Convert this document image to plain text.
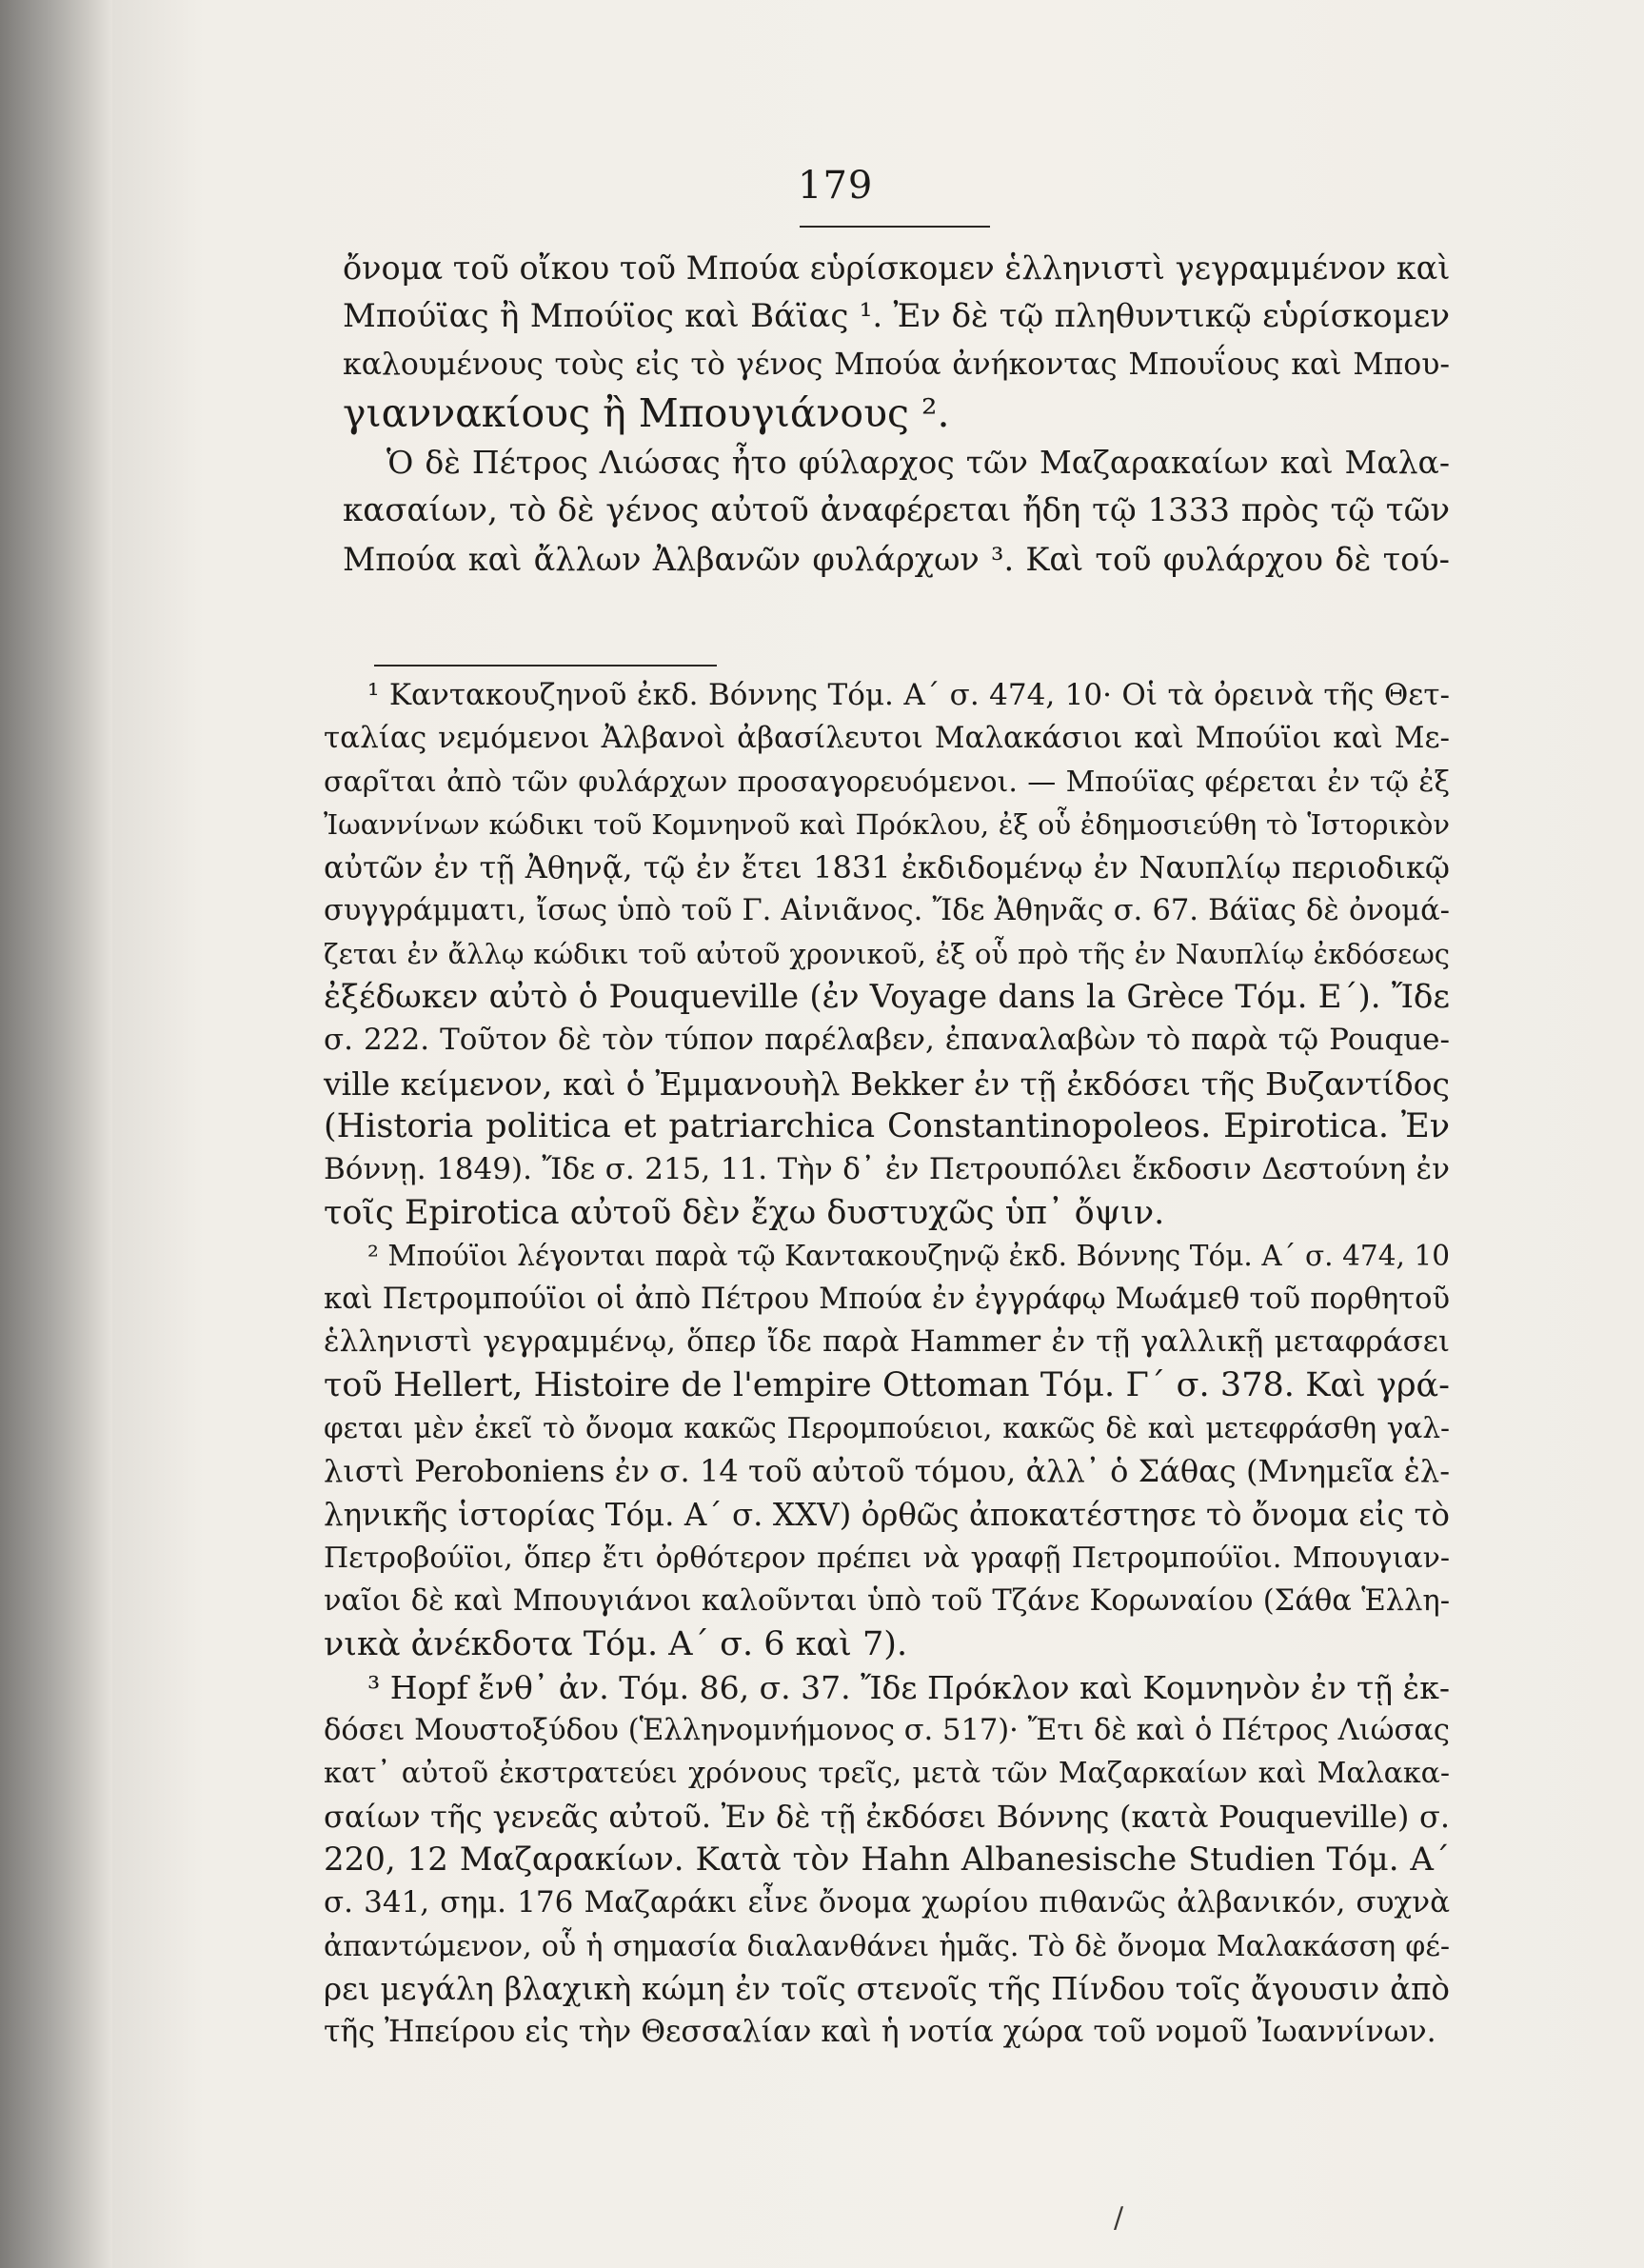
179
ὄνομα τοῦ οἴκου τοῦ Μπούα εὑρίσκομεν ἑλληνιστὶ γεγραμμένον καὶ
Μπούϊας ἢ Μπούϊος καὶ Βάϊας ¹. Ἐν δὲ τῷ πληθυντικῷ εὑρίσκομεν
καλουμένους τοὺς εἰς τὸ γένος Μπούα ἀνήκοντας Μπουΐους καὶ Μπου-
γιαννακίους ἢ Μπουγιάνους ².
Ὁ δὲ Πέτρος Λιώσας ἦτο φύλαρχος τῶν Μαζαρακαίων καὶ Μαλα-
κασαίων, τὸ δὲ γένος αὐτοῦ ἀναφέρεται ἤδη τῷ 1333 πρὸς τῷ τῶν
Μπούα καὶ ἄλλων Ἀλβανῶν φυλάρχων ³. Καὶ τοῦ φυλάρχου δὲ τού-
¹ Καντακουζηνοῦ ἐκδ. Βόννης Τόμ. Α΄ σ. 474, 10· Οἱ τὰ ὀρεινὰ τῆς Θετ-
ταλίας νεμόμενοι Ἀλβανοὶ ἀβασίλευτοι Μαλακάσιοι καὶ Μπούϊοι καὶ Με-
σαρῖται ἀπὸ τῶν φυλάρχων προσαγορευόμενοι. — Μπούϊας φέρεται ἐν τῷ ἐξ
Ἰωαννίνων κώδικι τοῦ Κομνηνοῦ καὶ Πρόκλου, ἐξ οὗ ἐδημοσιεύθη τὸ Ἱστορικὸν
αὐτῶν ἐν τῇ Ἀθηνᾷ, τῷ ἐν ἔτει 1831 ἐκδιδομένῳ ἐν Ναυπλίῳ περιοδικῷ
συγγράμματι, ἴσως ὑπὸ τοῦ Γ. Αἰνιᾶνος. Ἴδε Ἀθηνᾶς σ. 67. Βάϊας δὲ ὀνομά-
ζεται ἐν ἄλλῳ κώδικι τοῦ αὐτοῦ χρονικοῦ, ἐξ οὗ πρὸ τῆς ἐν Ναυπλίῳ ἐκδόσεως
ἐξέδωκεν αὐτὸ ὁ Pouqueville (ἐν Voyage dans la Grèce Τόμ. Ε΄). Ἴδε
σ. 222. Τοῦτον δὲ τὸν τύπον παρέλαβεν, ἐπαναλαβὼν τὸ παρὰ τῷ Pouque-
ville κείμενον, καὶ ὁ Ἐμμανουὴλ Bekker ἐν τῇ ἐκδόσει τῆς Βυζαντίδος
(Historia politica et patriarchica Constantinopoleos. Epirotica. Ἐν
Βόννῃ. 1849). Ἴδε σ. 215, 11. Τὴν δ᾽ ἐν Πετρουπόλει ἔκδοσιν Δεστούνη ἐν
τοῖς Epirotica αὐτοῦ δὲν ἔχω δυστυχῶς ὑπ᾽ ὄψιν.
² Μπούϊοι λέγονται παρὰ τῷ Καντακουζηνῷ ἐκδ. Βόννης Τόμ. Α΄ σ. 474, 10
καὶ Πετρομπούϊοι οἱ ἀπὸ Πέτρου Μπούα ἐν ἐγγράφῳ Μωάμεθ τοῦ πορθητοῦ
ἑλληνιστὶ γεγραμμένῳ, ὅπερ ἴδε παρὰ Hammer ἐν τῇ γαλλικῇ μεταφράσει
τοῦ Hellert, Histoire de l'empire Ottoman Τόμ. Γ΄ σ. 378. Καὶ γρά-
φεται μὲν ἐκεῖ τὸ ὄνομα κακῶς Περομπούειοι, κακῶς δὲ καὶ μετεφράσθη γαλ-
λιστὶ Peroboniens ἐν σ. 14 τοῦ αὐτοῦ τόμου, ἀλλ᾽ ὁ Σάθας (Μνημεῖα ἑλ-
ληνικῆς ἱστορίας Τόμ. Α΄ σ. XXV) ὀρθῶς ἀποκατέστησε τὸ ὄνομα εἰς τὸ
Πετροβούϊοι, ὅπερ ἔτι ὀρθότερον πρέπει νὰ γραφῇ Πετρομπούϊοι. Μπουγιαν-
ναῖοι δὲ καὶ Μπουγιάνοι καλοῦνται ὑπὸ τοῦ Τζάνε Κορωναίου (Σάθα Ἑλλη-
νικὰ ἀνέκδοτα Τόμ. Α΄ σ. 6 καὶ 7).
³ Hopf ἔνθ᾽ ἀν. Τόμ. 86, σ. 37. Ἴδε Πρόκλον καὶ Κομνηνὸν ἐν τῇ ἐκ-
δόσει Μουστοξύδου (Ἑλληνομνήμονος σ. 517)· Ἔτι δὲ καὶ ὁ Πέτρος Λιώσας
κατ᾽ αὐτοῦ ἐκστρατεύει χρόνους τρεῖς, μετὰ τῶν Μαζαρκαίων καὶ Μαλακα-
σαίων τῆς γενεᾶς αὐτοῦ. Ἐν δὲ τῇ ἐκδόσει Βόννης (κατὰ Pouqueville) σ.
220, 12 Μαζαρακίων. Κατὰ τὸν Hahn Albanesische Studien Τόμ. Α΄
σ. 341, σημ. 176 Μαζαράκι εἶνε ὄνομα χωρίου πιθανῶς ἀλβανικόν, συχνὰ
ἀπαντώμενον, οὗ ἡ σημασία διαλανθάνει ἡμᾶς. Τὸ δὲ ὄνομα Μαλακάσση φέ-
ρει μεγάλη βλαχικὴ κώμη ἐν τοῖς στενοῖς τῆς Πίνδου τοῖς ἄγουσιν ἀπὸ
τῆς Ἠπείρου εἰς τὴν Θεσσαλίαν καὶ ἡ νοτία χώρα τοῦ νομοῦ Ἰωαννίνων.
/
